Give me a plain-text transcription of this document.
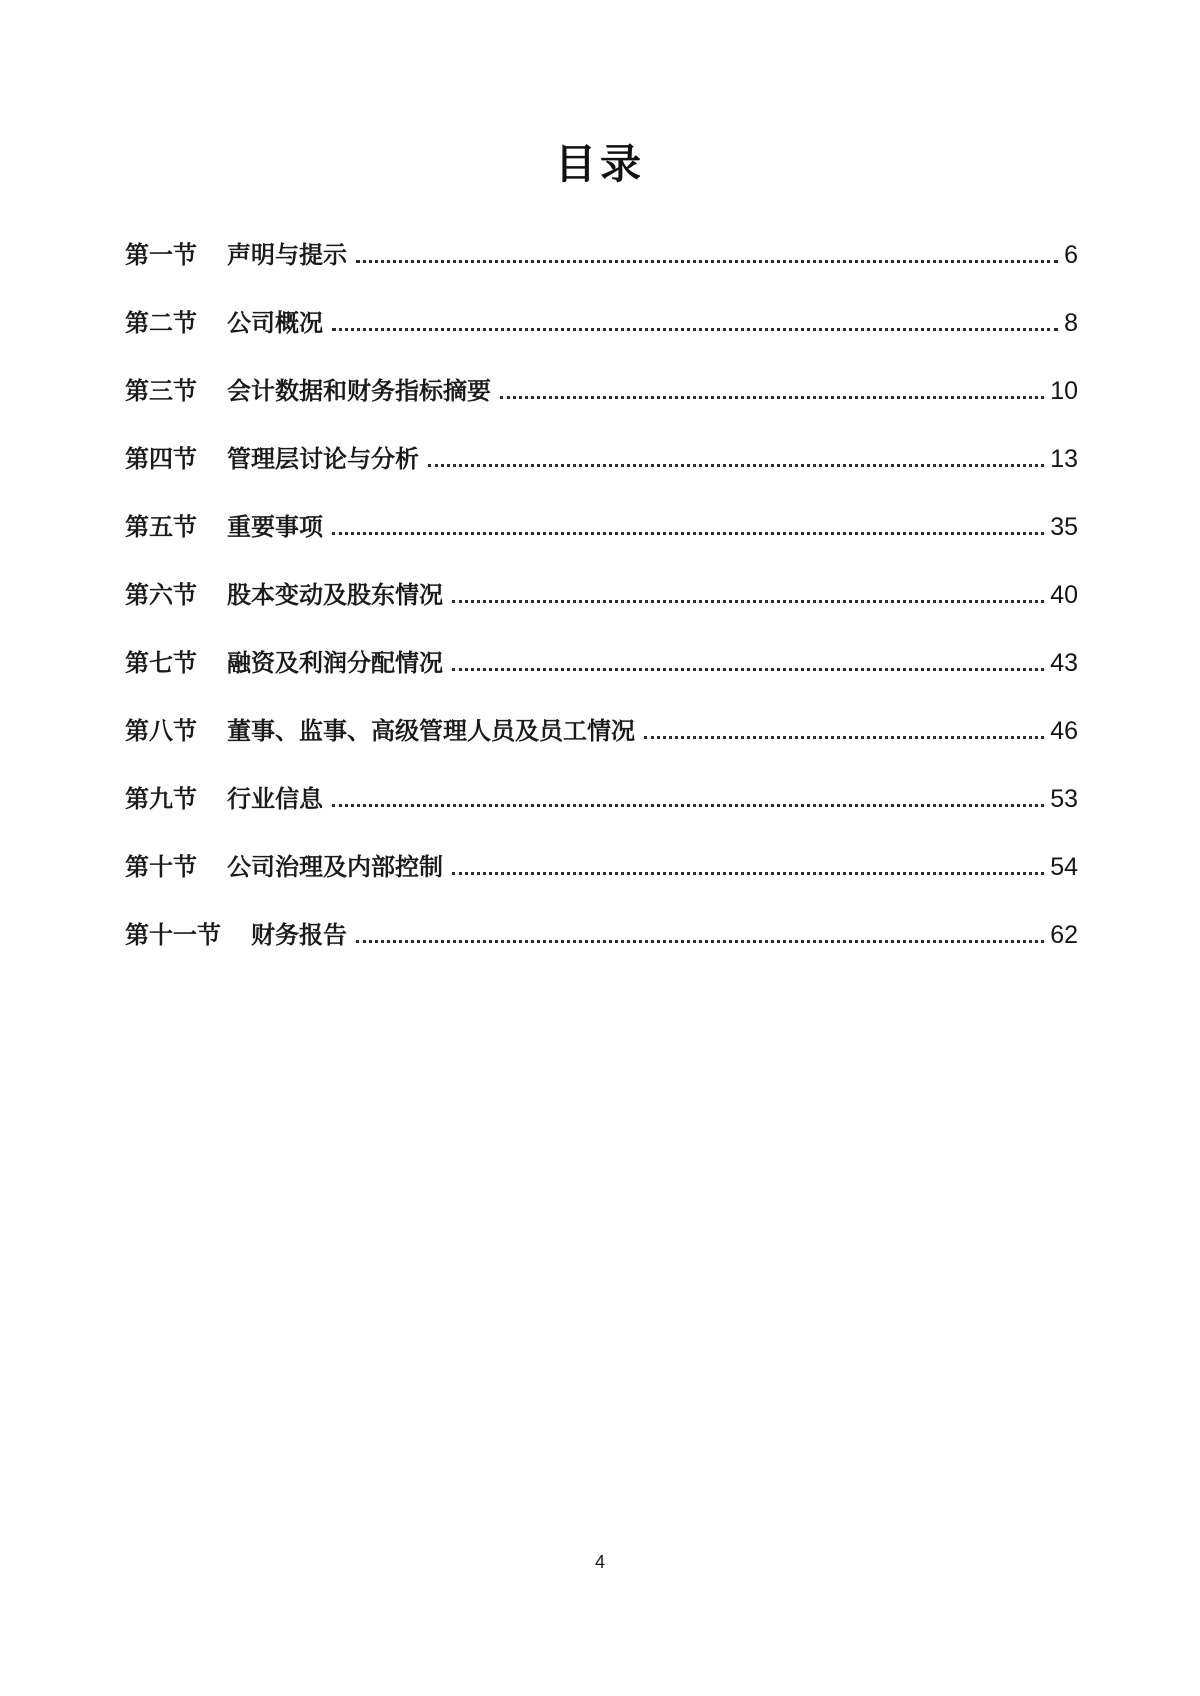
目录
第一节 声明与提示	6
第二节 公司概况	8
第三节 会计数据和财务指标摘要	10
第四节 管理层讨论与分析	13
第五节 重要事项	35
第六节 股本变动及股东情况	40
第七节 融资及利润分配情况	43
第八节 董事、监事、高级管理人员及员工情况	46
第九节 行业信息	53
第十节 公司治理及内部控制	54
第十一节 财务报告	62
4
